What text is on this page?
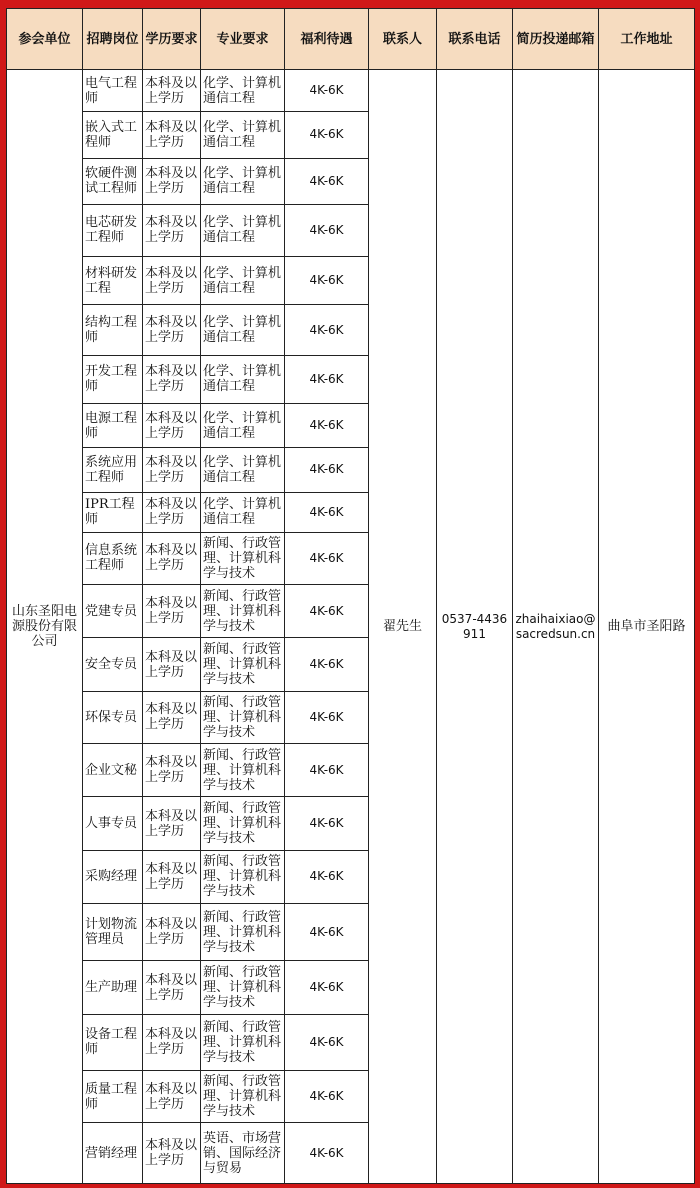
参会单位	招聘岗位	学历要求	专业要求	福利待遇	联系人	联系电话	简历投递邮箱	工作地址
山东圣阳电源股份有限公司	电气工程师	本科及以上学历	化学、计算机通信工程	4K-6K	翟先生	0537-4436911	zhaihaixiao@sacredsun.cn	曲阜市圣阳路
	嵌入式工程师	本科及以上学历	化学、计算机通信工程	4K-6K				
	软硬件测试工程师	本科及以上学历	化学、计算机通信工程	4K-6K				
	电芯研发工程师	本科及以上学历	化学、计算机通信工程	4K-6K				
	材料研发工程	本科及以上学历	化学、计算机通信工程	4K-6K				
	结构工程师	本科及以上学历	化学、计算机通信工程	4K-6K				
	开发工程师	本科及以上学历	化学、计算机通信工程	4K-6K				
	电源工程师	本科及以上学历	化学、计算机通信工程	4K-6K				
	系统应用工程师	本科及以上学历	化学、计算机通信工程	4K-6K				
	IPR工程师	本科及以上学历	化学、计算机通信工程	4K-6K				
	信息系统工程师	本科及以上学历	新闻、行政管理、计算机科学与技术	4K-6K				
	党建专员	本科及以上学历	新闻、行政管理、计算机科学与技术	4K-6K				
	安全专员	本科及以上学历	新闻、行政管理、计算机科学与技术	4K-6K				
	环保专员	本科及以上学历	新闻、行政管理、计算机科学与技术	4K-6K				
	企业文秘	本科及以上学历	新闻、行政管理、计算机科学与技术	4K-6K				
	人事专员	本科及以上学历	新闻、行政管理、计算机科学与技术	4K-6K				
	采购经理	本科及以上学历	新闻、行政管理、计算机科学与技术	4K-6K				
	计划物流管理员	本科及以上学历	新闻、行政管理、计算机科学与技术	4K-6K				
	生产助理	本科及以上学历	新闻、行政管理、计算机科学与技术	4K-6K				
	设备工程师	本科及以上学历	新闻、行政管理、计算机科学与技术	4K-6K				
	质量工程师	本科及以上学历	新闻、行政管理、计算机科学与技术	4K-6K				
	营销经理	本科及以上学历	英语、市场营销、国际经济与贸易	4K-6K				
